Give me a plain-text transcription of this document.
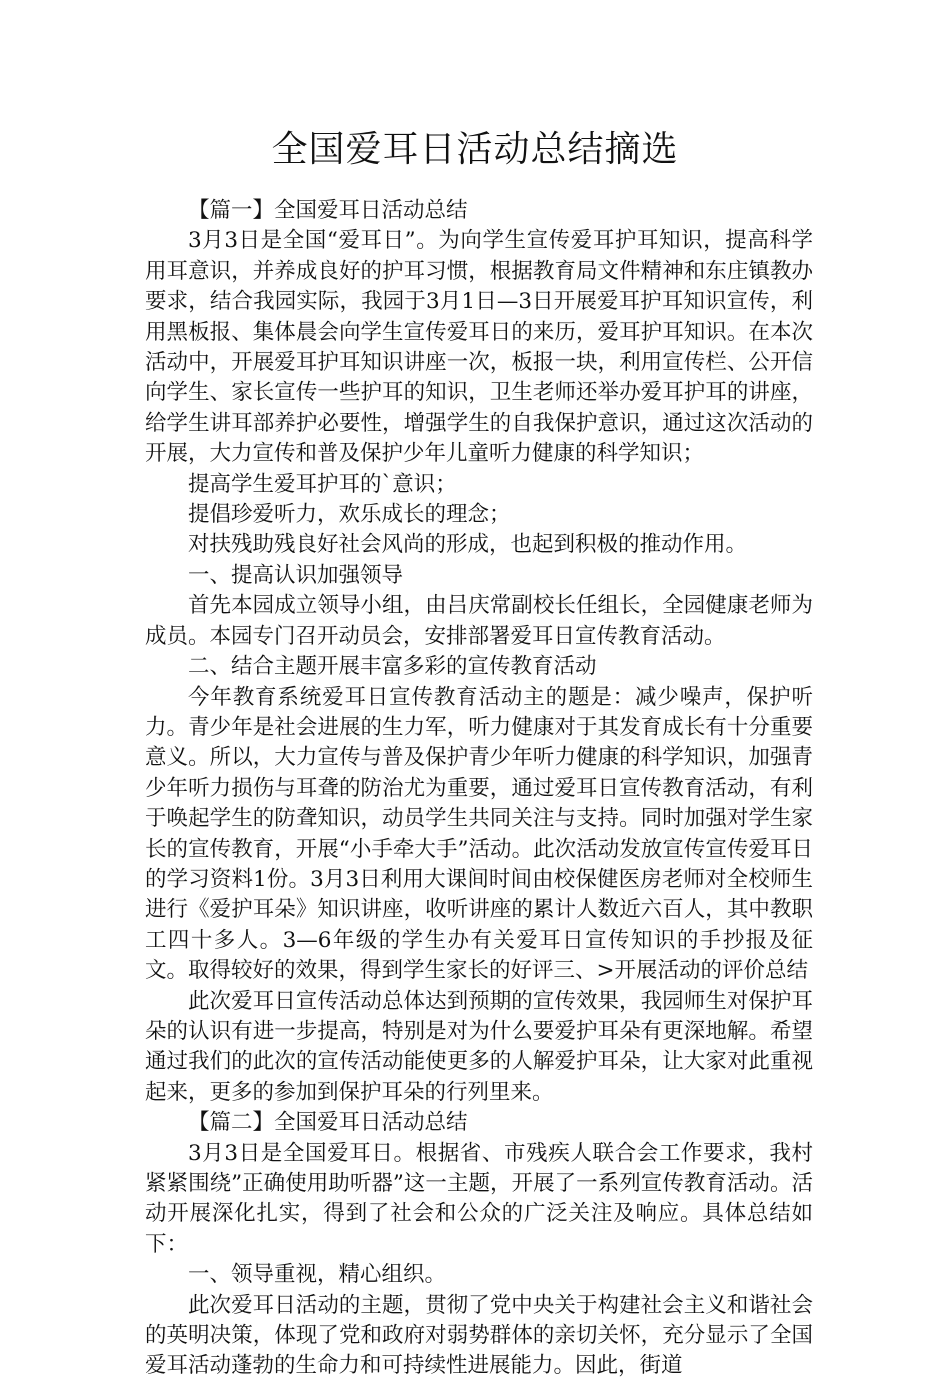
全国爱耳日活动总结摘选

【篇一】全国爱耳日活动总结

3月3日是全国“爱耳日”。为向学生宣传爱耳护耳知识，提高科学用耳意识，并养成良好的护耳习惯，根据教育局文件精神和东庄镇教办要求，结合我园实际，我园于3月1日—3日开展爱耳护耳知识宣传，利用黑板报、集体晨会向学生宣传爱耳日的来历，爱耳护耳知识。在本次活动中，开展爱耳护耳知识讲座一次，板报一块，利用宣传栏、公开信向学生、家长宣传一些护耳的知识，卫生老师还举办爱耳护耳的讲座，给学生讲耳部养护必要性，增强学生的自我保护意识，通过这次活动的开展，大力宣传和普及保护少年儿童听力健康的科学知识；

提高学生爱耳护耳的`意识；

提倡珍爱听力，欢乐成长的理念；

对扶残助残良好社会风尚的形成，也起到积极的推动作用。

一、提高认识加强领导

首先本园成立领导小组，由吕庆常副校长任组长，全园健康老师为成员。本园专门召开动员会，安排部署爱耳日宣传教育活动。

二、结合主题开展丰富多彩的宣传教育活动

今年教育系统爱耳日宣传教育活动主的题是：减少噪声，保护听力。青少年是社会进展的生力军，听力健康对于其发育成长有十分重要意义。所以，大力宣传与普及保护青少年听力健康的科学知识，加强青少年听力损伤与耳聋的防治尤为重要，通过爱耳日宣传教育活动，有利于唤起学生的防聋知识，动员学生共同关注与支持。同时加强对学生家长的宣传教育，开展“小手牵大手”活动。此次活动发放宣传宣传爱耳日的学习资料1份。3月3日利用大课间时间由校保健医房老师对全校师生进行《爱护耳朵》知识讲座，收听讲座的累计人数近六百人，其中教职工四十多人。3—6年级的学生办有关爱耳日宣传知识的手抄报及征文。取得较好的效果，得到学生家长的好评三、>开展活动的评价总结

此次爱耳日宣传活动总体达到预期的宣传效果，我园师生对保护耳朵的认识有进一步提高，特别是对为什么要爱护耳朵有更深地解。希望通过我们的此次的宣传活动能使更多的人解爱护耳朵，让大家对此重视起来，更多的参加到保护耳朵的行列里来。

【篇二】全国爱耳日活动总结

3月3日是全国爱耳日。根据省、市残疾人联合会工作要求，我村紧紧围绕”正确使用助听器”这一主题，开展了一系列宣传教育活动。活动开展深化扎实，得到了社会和公众的广泛关注及响应。具体总结如下：

一、领导重视，精心组织。

此次爱耳日活动的主题，贯彻了党中央关于构建社会主义和谐社会的英明决策，体现了党和政府对弱势群体的亲切关怀，充分显示了全国爱耳活动蓬勃的生命力和可持续性进展能力。因此，街道
